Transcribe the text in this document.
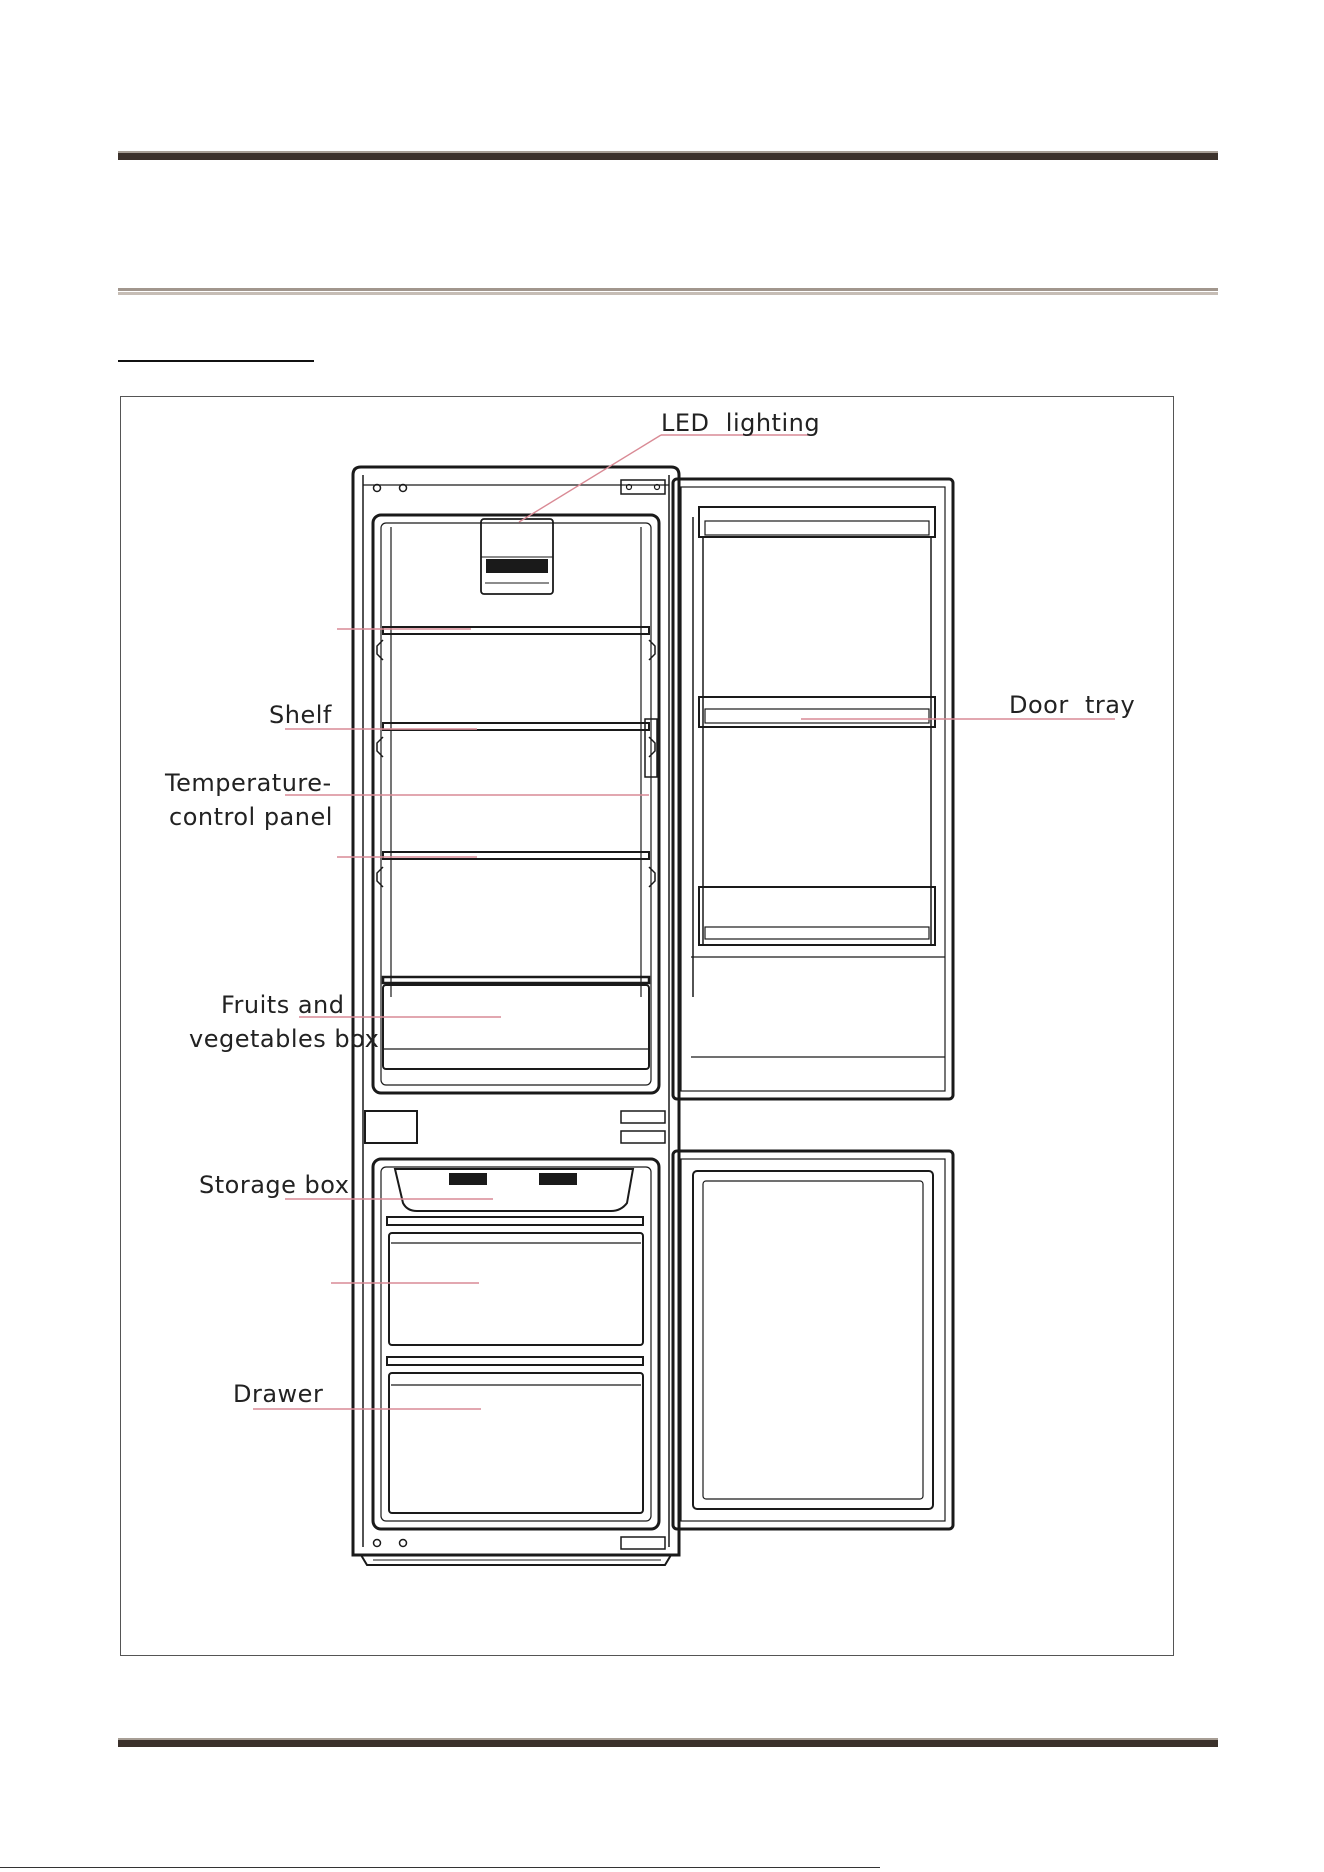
LED  lighting
Shelf
Temperature-
control panel
Fruits and
vegetables box
Storage box
Drawer
Door  tray
